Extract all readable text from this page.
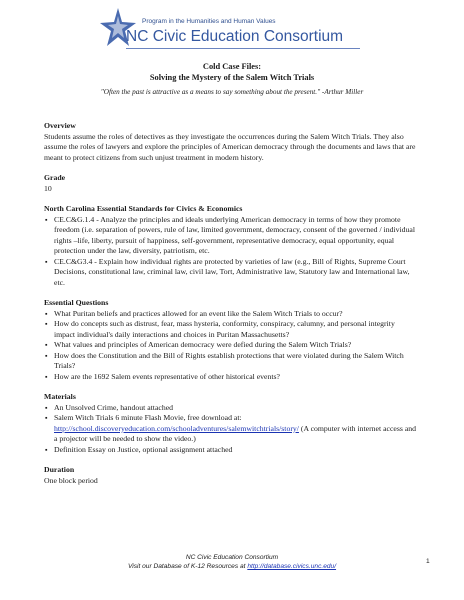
Program in the Humanities and Human Values
NC Civic Education Consortium
Cold Case Files:
Solving the Mystery of the Salem Witch Trials
"Often the past is attractive as a means to say something about the present." -Arthur Miller
Overview

Students assume the roles of detectives as they investigate the occurrences during the Salem Witch Trials. They also assume the roles of lawyers and explore the principles of American democracy through the documents and laws that are meant to protect citizens from such unjust treatment in modern history.

Grade
10
North Carolina Essential Standards for Civics & Economics
▪ CE.C&G.1.4 - Analyze the principles and ideals underlying American democracy in terms of how they promote freedom (i.e. separation of powers, rule of law, limited government, democracy, consent of the governed / individual rights –life, liberty, pursuit of happiness, self-government, representative democracy, equal opportunity, equal protection under the law, diversity, patriotism, etc.
▪ CE.C&G3.4 - Explain how individual rights are protected by varieties of law (e.g., Bill of Rights, Supreme Court Decisions, constitutional law, criminal law, civil law, Tort, Administrative law, Statutory law and International law, etc.
Essential Questions
▪ What Puritan beliefs and practices allowed for an event like the Salem Witch Trials to occur?
▪ How do concepts such as distrust, fear, mass hysteria, conformity, conspiracy, calumny, and personal integrity impact individual's daily interactions and choices in Puritan Massachusetts?
▪ What values and principles of American democracy were defied during the Salem Witch Trials?
▪ How does the Constitution and the Bill of Rights establish protections that were violated during the Salem Witch Trials?
▪ How are the 1692 Salem events representative of other historical events?
Materials
▪ An Unsolved Crime, handout attached
▪ Salem Witch Trials 6 minute Flash Movie, free download at:
http://school.discoveryeducation.com/schooladventures/salemwitchtrials/story/ (A computer with internet access and a projector will be needed to show the video.)
▪ Definition Essay on Justice, optional assignment attached
Duration
One block period
NC Civic Education Consortium
Visit our Database of K-12 Resources at http://database.civics.unc.edu/
1
